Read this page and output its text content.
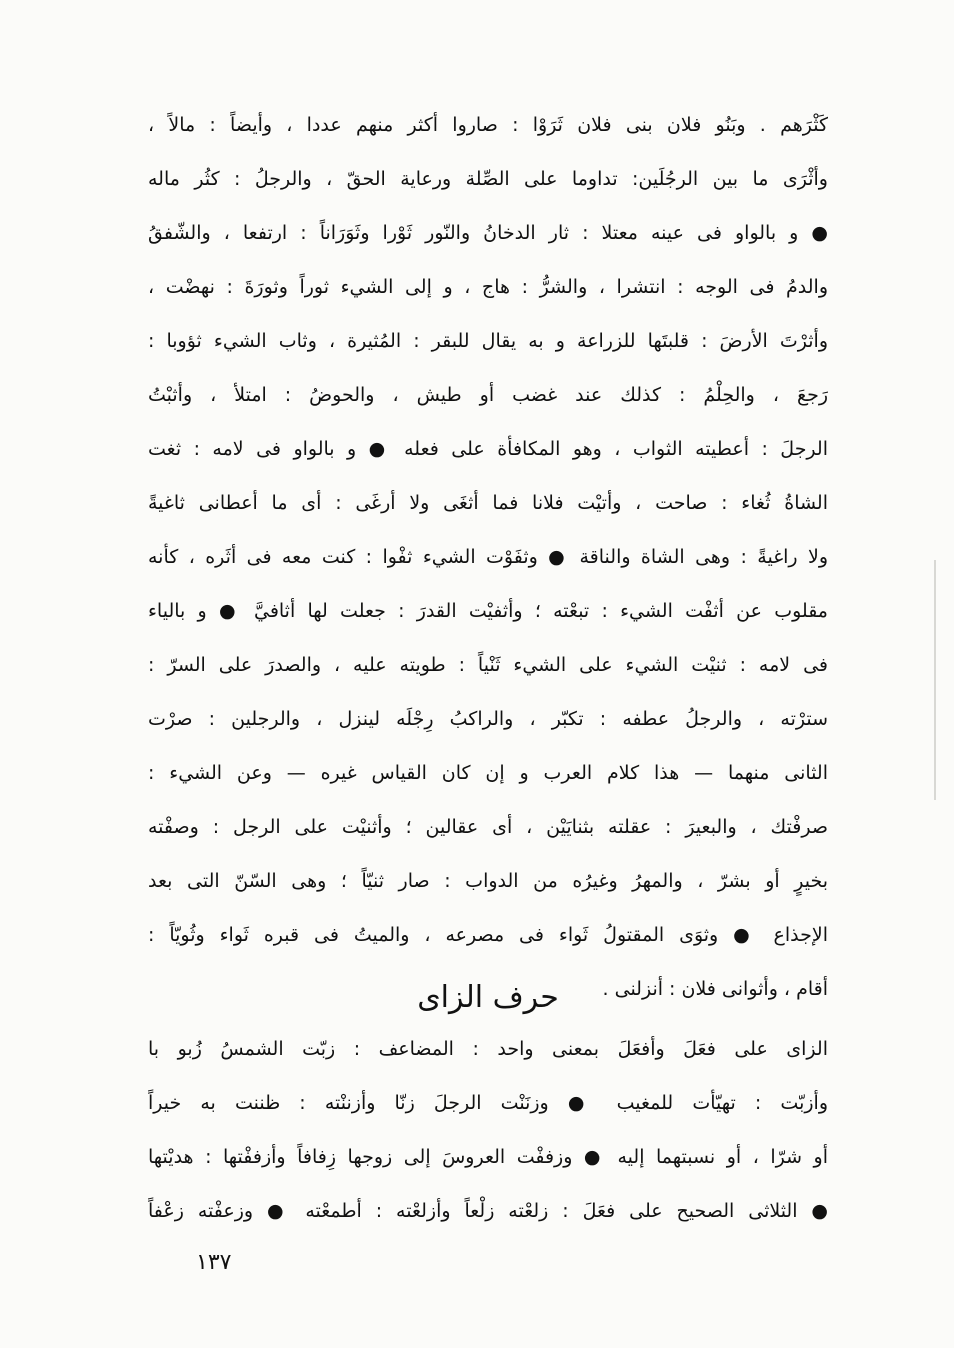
كَثْرَهم . وبَنُو فلان بنى فلان ثَرَوْا : صاروا أكثر منهم عددا ، وأيضاً : مالاً ،
وأثْرَى ما بين الرجُلَين: تداوما على الصِّلة ورعاية الحقّ ، والرجلُ : كثُر ماله
● و بالواو فى عينه معتلا : ثار الدخانُ والنّور ثَوْرا وثَوَرَاناً : ارتفعا ، والشّفقُ
والدمُ فى الوجه : انتشرا ، والشرُّ : هاج ، و إلى الشيء ثوراً وثورَةَ : نهضْت ،
وأثرْتَ الأرضَ : قلبتَها للزراعة و به يقال للبقر : المُثيرة ، وثاب الشيء ثؤوبا :
رَجعَ ، والحِلْمُ : كذلك عند غضب أو طيش ، والحوضُ : امتلأ ، وأثبْتُ
الرجلَ : أعطيته الثواب ، وهو المكافأة على فعله ● و بالواو فى لامه : ثغت
الشاةُ ثُغاء : صاحت ، وأتيْت فلانا فما أثغَى ولا أرغَى : أى ما أعطانى ثاغيةً
ولا راغيةً : وهى الشاة والناقة ● وثفَوْت الشيء ثفْوا : كنت معه فى أثَره ، كأنه
مقلوب عن أثفْت الشيء : تبعْته ؛ وأثفيْت القدرَ : جعلت لها أثافيَّ ● و بالياء
فى لامه : ثنيْت الشيء على الشيء ثَنْياً : طويته عليه ، والصدرَ على السرّ :
سترْته ، والرجلُ عطفه : تكبّر ، والراكبُ رِجْلَه لينزل ، والرجلين : صرْت
الثانى منهما — هذا كلام العرب و إن كان القياس غيره — وعن الشيء :
صرفْتك ، والبعيرَ : عقلته بثنايَيْن ، أى عقالين ؛ وأثنيْت على الرجل : وصفْته
بخيرٍ أو بشرّ ، والمهرُ وغيرُه من الدواب : صار ثنيّاً ؛ وهى السّنّ التى بعد
الإجذاع ● وثوَى المقتولُ ثَواء فى مصرعه ، والميتُ فى قبره ثَواء وثُويّاً :
أقام ، وأثوانى فلان : أنزلنى .
حرف الزاى
الزاى على فعَلَ وأفعَلَ بمعنى واحد : المضاعف : زبّت الشمسُ زُبو با
وأزبّت : تهيّأت للمغيب ● وزنَنْت الرجلَ زنّا وأزننْته : ظننت به خيراً
أو شرّا ، أو نسبتهما إليه ● وزففْت العروسَ إلى زوجها زِفافاً وأزففْتها : هديْتها
● الثلاثى الصحيح على فعَلَ : زلعْته زلْعاً وأزلعْته : أطمعْته ● وزعفْته زعْفاً
١٣٧
